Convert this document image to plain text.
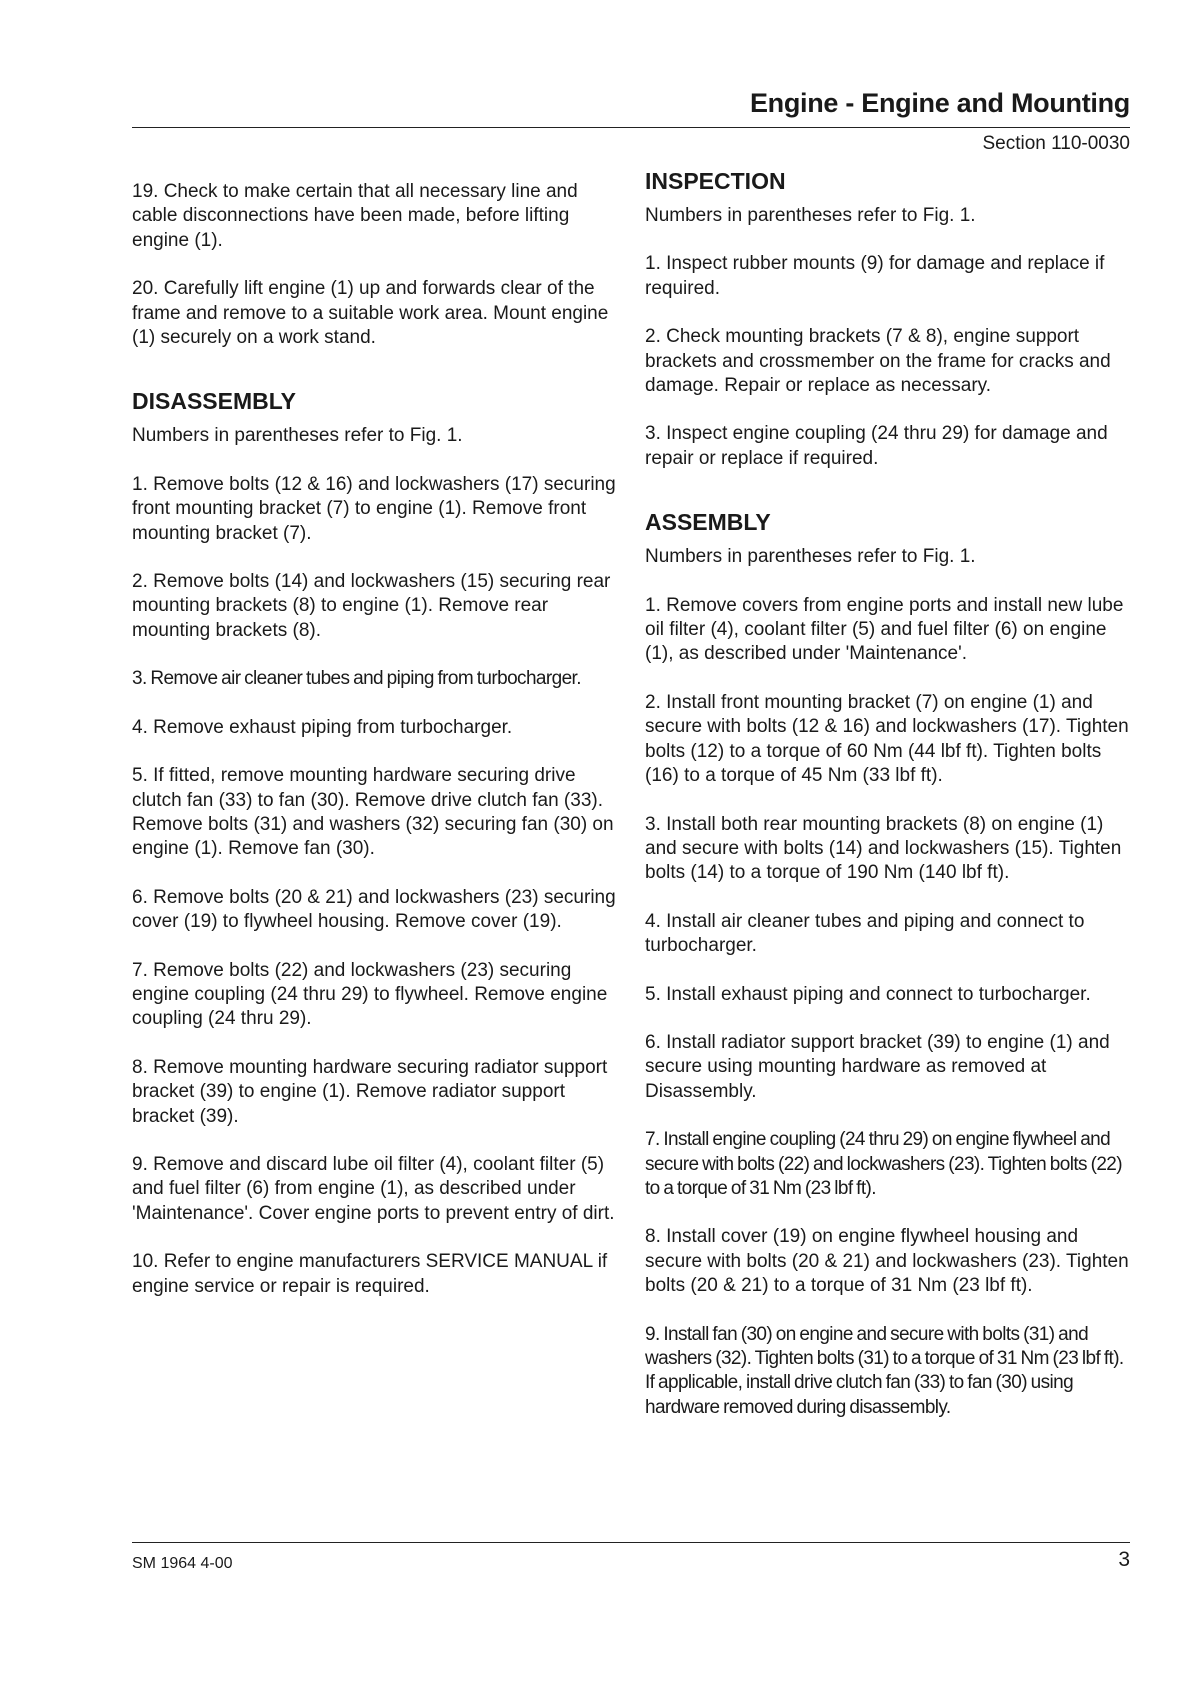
Engine - Engine and Mounting

Section 110-0030

19. Check to make certain that all necessary line and cable disconnections have been made, before lifting engine (1).

20. Carefully lift engine (1) up and forwards clear of the frame and remove to a suitable work area. Mount engine (1) securely on a work stand.

DISASSEMBLY

Numbers in parentheses refer to Fig. 1.

1. Remove bolts (12 & 16) and lockwashers (17) securing front mounting bracket (7) to engine (1). Remove front mounting bracket (7).

2. Remove bolts (14) and lockwashers (15) securing rear mounting brackets (8) to engine (1). Remove rear mounting brackets (8).

3. Remove air cleaner tubes and piping from turbocharger.

4. Remove exhaust piping from turbocharger.

5. If fitted, remove mounting hardware securing drive clutch fan (33) to fan (30). Remove drive clutch fan (33). Remove bolts (31) and washers (32) securing fan (30) on engine (1). Remove fan (30).

6. Remove bolts (20 & 21) and lockwashers (23) securing cover (19) to flywheel housing. Remove cover (19).

7. Remove bolts (22) and lockwashers (23) securing engine coupling (24 thru 29) to flywheel. Remove engine coupling (24 thru 29).

8. Remove mounting hardware securing radiator support bracket (39) to engine (1). Remove radiator support bracket (39).

9. Remove and discard lube oil filter (4), coolant filter (5) and fuel filter (6) from engine (1), as described under 'Maintenance'. Cover engine ports to prevent entry of dirt.

10. Refer to engine manufacturers SERVICE MANUAL if engine service or repair is required.

INSPECTION

Numbers in parentheses refer to Fig. 1.

1. Inspect rubber mounts (9) for damage and replace if required.

2. Check mounting brackets (7 & 8), engine support brackets and crossmember on the frame for cracks and damage. Repair or replace as necessary.

3. Inspect engine coupling (24 thru 29) for damage and repair or replace if required.

ASSEMBLY

Numbers in parentheses refer to Fig. 1.

1. Remove covers from engine ports and install new lube oil filter (4), coolant filter (5) and fuel filter (6) on engine (1), as described under 'Maintenance'.

2. Install front mounting bracket (7) on engine (1) and secure with bolts (12 & 16) and lockwashers (17). Tighten bolts (12) to a torque of 60 Nm (44 lbf ft). Tighten bolts (16) to a torque of 45 Nm (33 lbf ft).

3. Install both rear mounting brackets (8) on engine (1) and secure with bolts (14) and lockwashers (15). Tighten bolts (14) to a torque of 190 Nm (140 lbf ft).

4. Install air cleaner tubes and piping and connect to turbocharger.

5. Install exhaust piping and connect to turbocharger.

6. Install radiator support bracket (39) to engine (1) and secure using mounting hardware as removed at Disassembly.

7. Install engine coupling (24 thru 29) on engine flywheel and secure with bolts (22) and lockwashers (23). Tighten bolts (22) to a torque of 31 Nm (23 lbf ft).

8. Install cover (19) on engine flywheel housing and secure with bolts (20 & 21) and lockwashers (23). Tighten bolts (20 & 21) to a torque of 31 Nm (23 lbf ft).

9. Install fan (30) on engine and secure with bolts (31) and washers (32). Tighten bolts (31) to a torque of 31 Nm (23 lbf ft). If applicable, install drive clutch fan (33) to fan (30) using hardware removed during disassembly.

SM 1964 4-00	3
